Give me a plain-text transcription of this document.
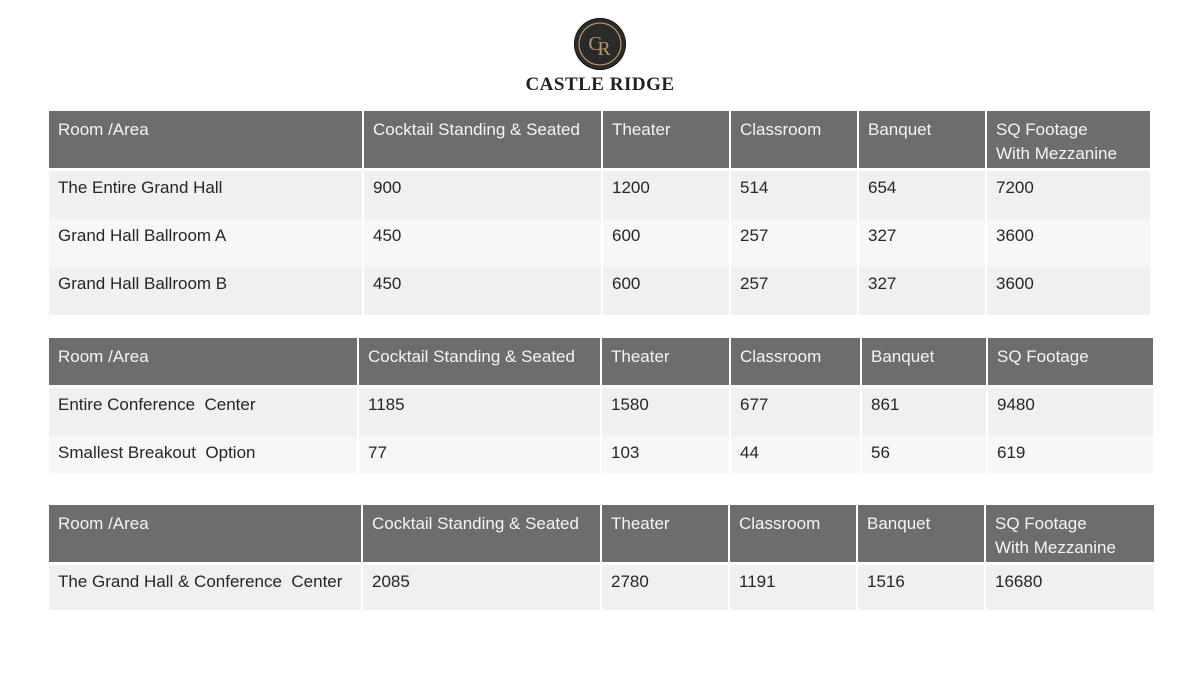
C
R
CASTLE RIDGE
Room /Area	Cocktail Standing & Seated	Theater	Classroom	Banquet	SQ Footage
With Mezzanine
The Entire Grand Hall	900	1200	514	654	7200
Grand Hall Ballroom A	450	600	257	327	3600
Grand Hall Ballroom B	450	600	257	327	3600
Room /Area	Cocktail Standing & Seated	Theater	Classroom	Banquet	SQ Footage
Entire Conference  Center	1185	1580	677	861	9480
Smallest Breakout  Option	77	103	44	56	619
Room /Area	Cocktail Standing & Seated	Theater	Classroom	Banquet	SQ Footage
With Mezzanine
The Grand Hall & Conference  Center	2085	2780	1191	1516	16680
